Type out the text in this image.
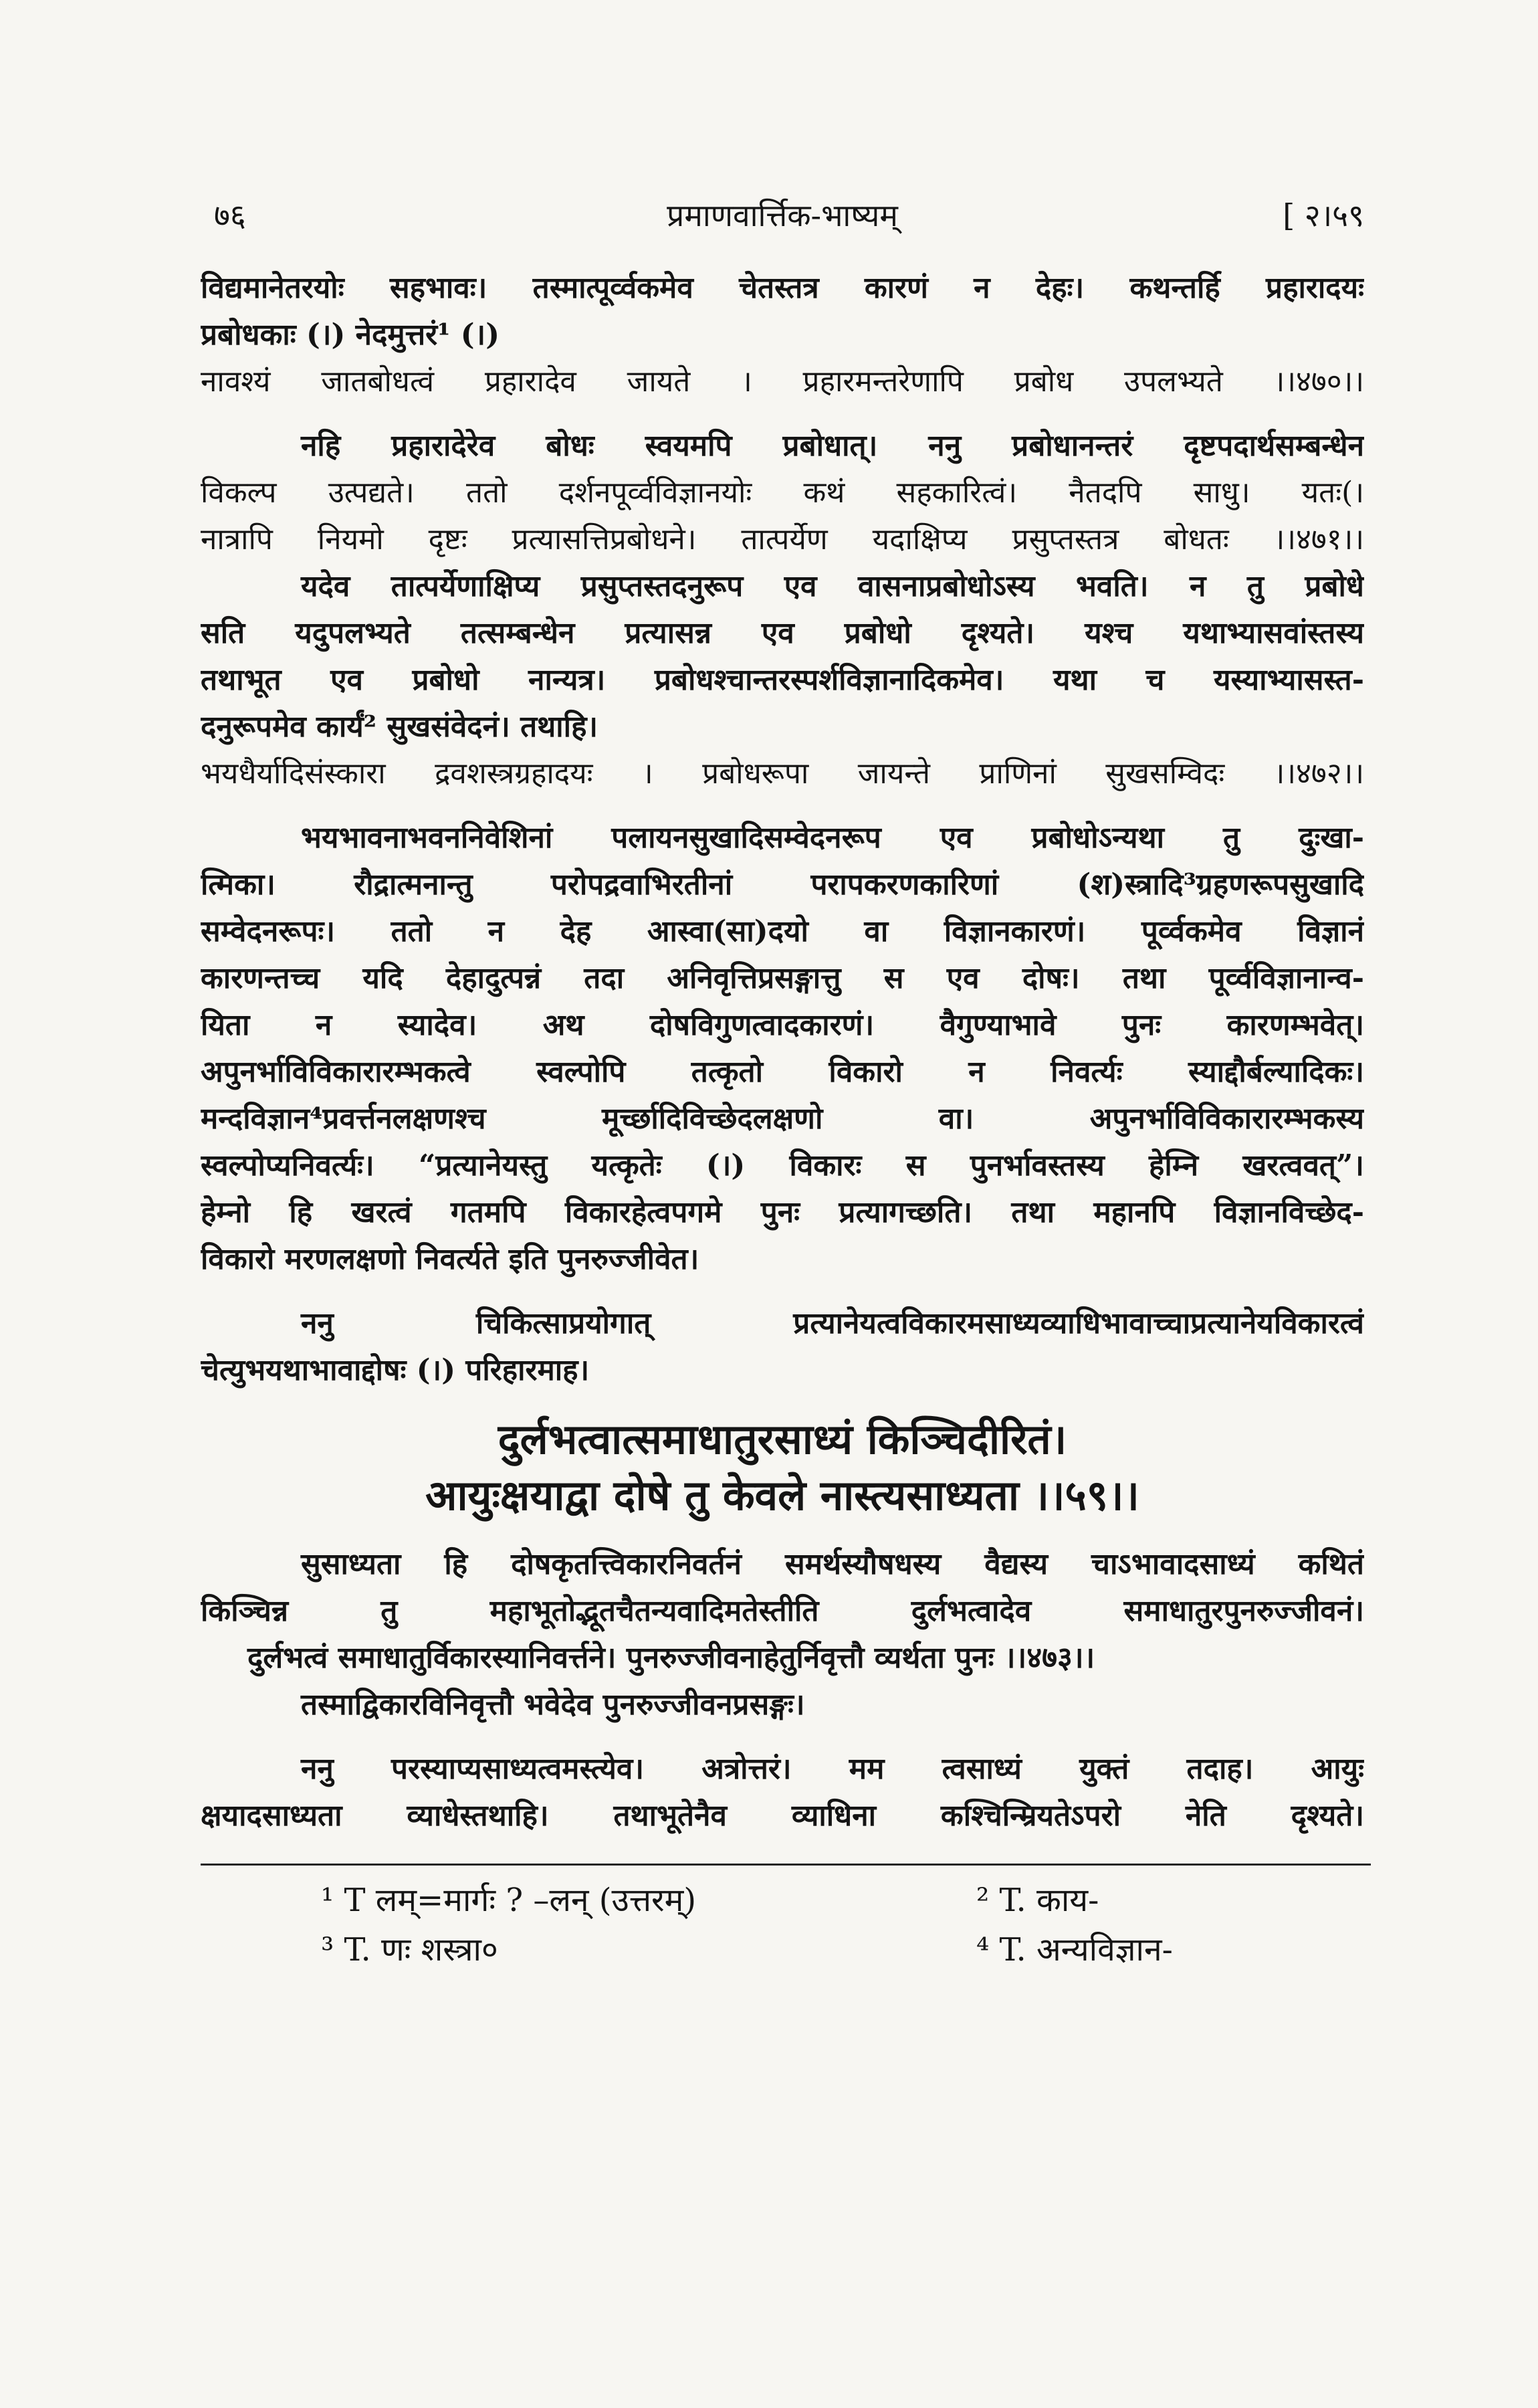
७६	प्रमाणवार्त्तिक-भाष्यम्	[ २।५९
विद्यमानेतरयोः सहभावः। तस्मात्पूर्व्वकमेव चेतस्तत्र कारणं न देहः। कथन्तर्हि प्रहारादयः
प्रबोधकाः (।) नेदमुत्तरं¹ (।)
नावश्यं जातबोधत्वं प्रहारादेव जायते । प्रहारमन्तरेणापि प्रबोध उपलभ्यते ।।४७०।।
नहि प्रहारादेरेव बोधः स्वयमपि प्रबोधात्। ननु प्रबोधानन्तरं दृष्टपदार्थसम्बन्धेन
विकल्प उत्पद्यते। ततो दर्शनपूर्व्वविज्ञानयोः कथं सहकारित्वं। नैतदपि साधु। यतः(।
नात्रापि नियमो दृष्टः प्रत्यासत्तिप्रबोधने। तात्पर्येण यदाक्षिप्य प्रसुप्तस्तत्र बोधतः ।।४७१।।
यदेव तात्पर्येणाक्षिप्य प्रसुप्तस्तदनुरूप एव वासनाप्रबोधोऽस्य भवति। न तु प्रबोधे
सति यदुपलभ्यते तत्सम्बन्धेन प्रत्यासन्न एव प्रबोधो दृश्यते। यश्च यथाभ्यासवांस्तस्य
तथाभूत एव प्रबोधो नान्यत्र। प्रबोधश्चान्तरस्पर्शविज्ञानादिकमेव। यथा च यस्याभ्यासस्त-
दनुरूपमेव कार्यं² सुखसंवेदनं। तथाहि।
भयधैर्यादिसंस्कारा द्रवशस्त्रग्रहादयः । प्रबोधरूपा जायन्ते प्राणिनां सुखसम्विदः ।।४७२।।
भयभावनाभवननिवेशिनां पलायनसुखादिसम्वेदनरूप एव प्रबोधोऽन्यथा तु दुःखा-
त्मिका। रौद्रात्मनान्तु परोपद्रवाभिरतीनां परापकरणकारिणां (श)स्त्रादि³ग्रहणरूपसुखादि
सम्वेदनरूपः। ततो न देह आस्वा(सा)दयो वा विज्ञानकारणं। पूर्व्वकमेव विज्ञानं
कारणन्तच्च यदि देहादुत्पन्नं तदा अनिवृत्तिप्रसङ्गात्तु स एव दोषः। तथा पूर्व्वविज्ञानान्व-
यिता न स्यादेव। अथ दोषविगुणत्वादकारणं। वैगुण्याभावे पुनः कारणम्भवेत्।
अपुनर्भाविविकारारम्भकत्वे स्वल्पोपि तत्कृतो विकारो न निवर्त्यः स्याद्दौर्बल्यादिकः।
मन्दविज्ञान⁴प्रवर्त्तनलक्षणश्च मूर्च्छादिविच्छेदलक्षणो वा। अपुनर्भाविविकारारम्भकस्य
स्वल्पोप्यनिवर्त्यः। “प्रत्यानेयस्तु यत्कृतेः (।) विकारः स पुनर्भावस्तस्य हेम्नि खरत्ववत्”।
हेम्नो हि खरत्वं गतमपि विकारहेत्वपगमे पुनः प्रत्यागच्छति। तथा महानपि विज्ञानविच्छेद-
विकारो मरणलक्षणो निवर्त्यते इति पुनरुज्जीवेत।
ननु चिकित्साप्रयोगात् प्रत्यानेयत्वविकारमसाध्यव्याधिभावाच्चाप्रत्यानेयविकारत्वं
चेत्युभयथाभावाद्दोषः (।) परिहारमाह।
दुर्लभत्वात्समाधातुरसाध्यं किञ्चिदीरितं।
आयुःक्षयाद्वा दोषे तु केवले नास्त्यसाध्यता ।।५९।।
सुसाध्यता हि दोषकृतत्त्विकारनिवर्तनं समर्थस्यौषधस्य वैद्यस्य चाऽभावादसाध्यं कथितं
किञ्चिन्न तु महाभूतोद्भूतचैतन्यवादिमतेस्तीति दुर्लभत्वादेव समाधातुरपुनरुज्जीवनं।
दुर्लभत्वं समाधातुर्विकारस्यानिवर्त्तने। पुनरुज्जीवनाहेतुर्निवृत्तौ व्यर्थता पुनः ।।४७३।।
तस्माद्विकारविनिवृत्तौ भवेदेव पुनरुज्जीवनप्रसङ्गः।
ननु परस्याप्यसाध्यत्वमस्त्येव। अत्रोत्तरं। मम त्वसाध्यं युक्तं तदाह। आयुः
क्षयादसाध्यता व्याधेस्तथाहि। तथाभूतेनैव व्याधिना कश्चिन्म्रियतेऽपरो नेति दृश्यते।
¹ T लम्=मार्गः ? –लन् (उत्तरम्)	² T. काय-
³ T. णः शस्त्रा०	⁴ T. अन्यविज्ञान-
